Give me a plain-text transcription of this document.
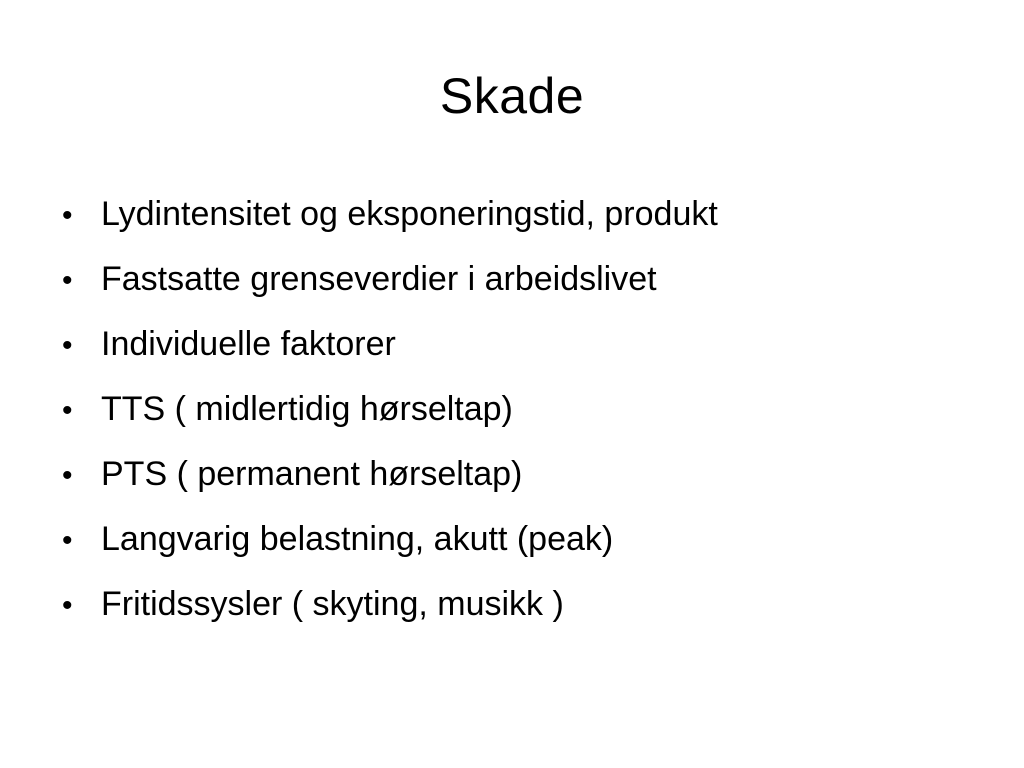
Skade
• Lydintensitet og eksponeringstid, produkt
• Fastsatte grenseverdier i arbeidslivet
• Individuelle faktorer
• TTS ( midlertidig hørseltap)
• PTS ( permanent hørseltap)
• Langvarig belastning, akutt (peak)
• Fritidssysler ( skyting, musikk )
